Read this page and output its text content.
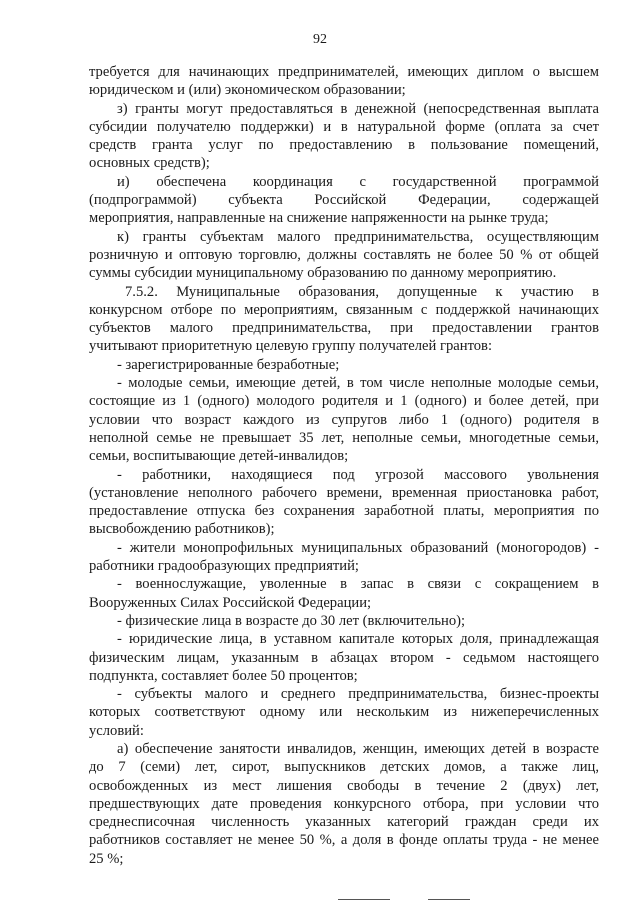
92
требуется для начинающих предпринимателей, имеющих диплом о высшем
юридическом и (или) экономическом образовании;
з) гранты могут предоставляться в денежной (непосредственная выплата
субсидии получателю поддержки) и в натуральной форме (оплата за счет
средств гранта услуг по предоставлению в пользование помещений,
основных средств);
и) обеспечена координация с государственной программой
(подпрограммой) субъекта Российской Федерации, содержащей
мероприятия, направленные на снижение напряженности на рынке труда;
к) гранты субъектам малого предпринимательства, осуществляющим
розничную и оптовую торговлю, должны составлять не более 50 % от общей
суммы субсидии муниципальному образованию по данному мероприятию.
7.5.2. Муниципальные образования, допущенные к участию в
конкурсном отборе по мероприятиям, связанным с поддержкой начинающих
субъектов малого предпринимательства, при предоставлении грантов
учитывают приоритетную целевую группу получателей грантов:
- зарегистрированные безработные;
- молодые семьи, имеющие детей, в том числе неполные молодые семьи,
состоящие из 1 (одного) молодого родителя и 1 (одного) и более детей, при
условии что возраст каждого из супругов либо 1 (одного) родителя в
неполной семье не превышает 35 лет, неполные семьи, многодетные семьи,
семьи, воспитывающие детей-инвалидов;
- работники, находящиеся под угрозой массового увольнения
(установление неполного рабочего времени, временная приостановка работ,
предоставление отпуска без сохранения заработной платы, мероприятия по
высвобождению работников);
- жители монопрофильных муниципальных образований (моногородов) -
работники градообразующих предприятий;
- военнослужащие, уволенные в запас в связи с сокращением в
Вооруженных Силах Российской Федерации;
- физические лица в возрасте до 30 лет (включительно);
- юридические лица, в уставном капитале которых доля, принадлежащая
физическим лицам, указанным в абзацах втором - седьмом настоящего
подпункта, составляет более 50 процентов;
- субъекты малого и среднего предпринимательства, бизнес-проекты
которых соответствуют одному или нескольким из нижеперечисленных
условий:
а) обеспечение занятости инвалидов, женщин, имеющих детей в возрасте
до 7 (семи) лет, сирот, выпускников детских домов, а также лиц,
освобожденных из мест лишения свободы в течение 2 (двух) лет,
предшествующих дате проведения конкурсного отбора, при условии что
среднесписочная численность указанных категорий граждан среди их
работников составляет не менее 50 %, а доля в фонде оплаты труда - не менее
25 %;
